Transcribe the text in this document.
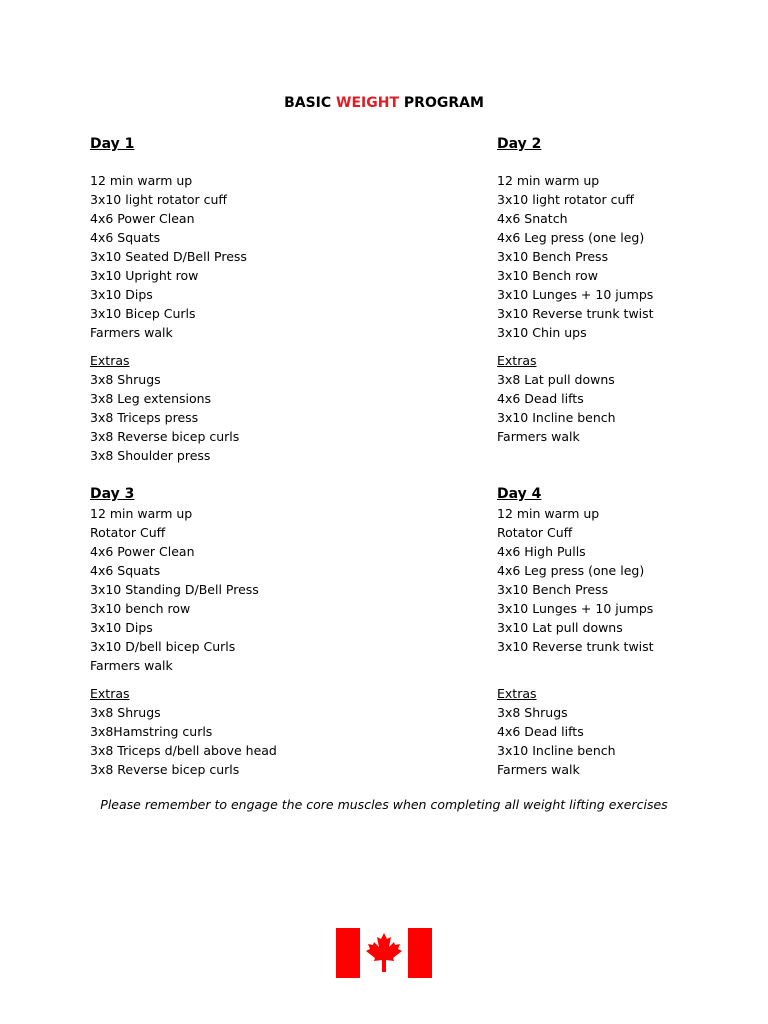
BASIC WEIGHT PROGRAM
Day 1
12 min warm up
3x10 light rotator cuff
4x6 Power Clean
4x6 Squats
3x10 Seated D/Bell Press
3x10 Upright row
3x10 Dips
3x10 Bicep Curls
Farmers walk
Extras
3x8 Shrugs
3x8 Leg extensions
3x8 Triceps press
3x8 Reverse bicep curls
3x8 Shoulder press
Day 2
12 min warm up
3x10 light rotator cuff
4x6 Snatch
4x6 Leg press (one leg)
3x10 Bench Press
3x10 Bench row
3x10 Lunges + 10 jumps
3x10 Reverse trunk twist
3x10 Chin ups
Extras
3x8 Lat pull downs
4x6 Dead lifts
3x10 Incline bench
Farmers walk
Day 3
12 min warm up
Rotator Cuff
4x6 Power Clean
4x6 Squats
3x10 Standing D/Bell Press
3x10 bench row
3x10 Dips
3x10 D/bell bicep Curls
Farmers walk
Extras
3x8 Shrugs
3x8Hamstring curls
3x8 Triceps d/bell above head
3x8 Reverse bicep curls
Day 4
12 min warm up
Rotator Cuff
4x6 High Pulls
4x6 Leg press (one leg)
3x10 Bench Press
3x10 Lunges + 10 jumps
3x10 Lat pull downs
3x10 Reverse trunk twist
Extras
3x8 Shrugs
4x6 Dead lifts
3x10 Incline bench
Farmers walk
Please remember to engage the core muscles when completing all weight lifting exercises
